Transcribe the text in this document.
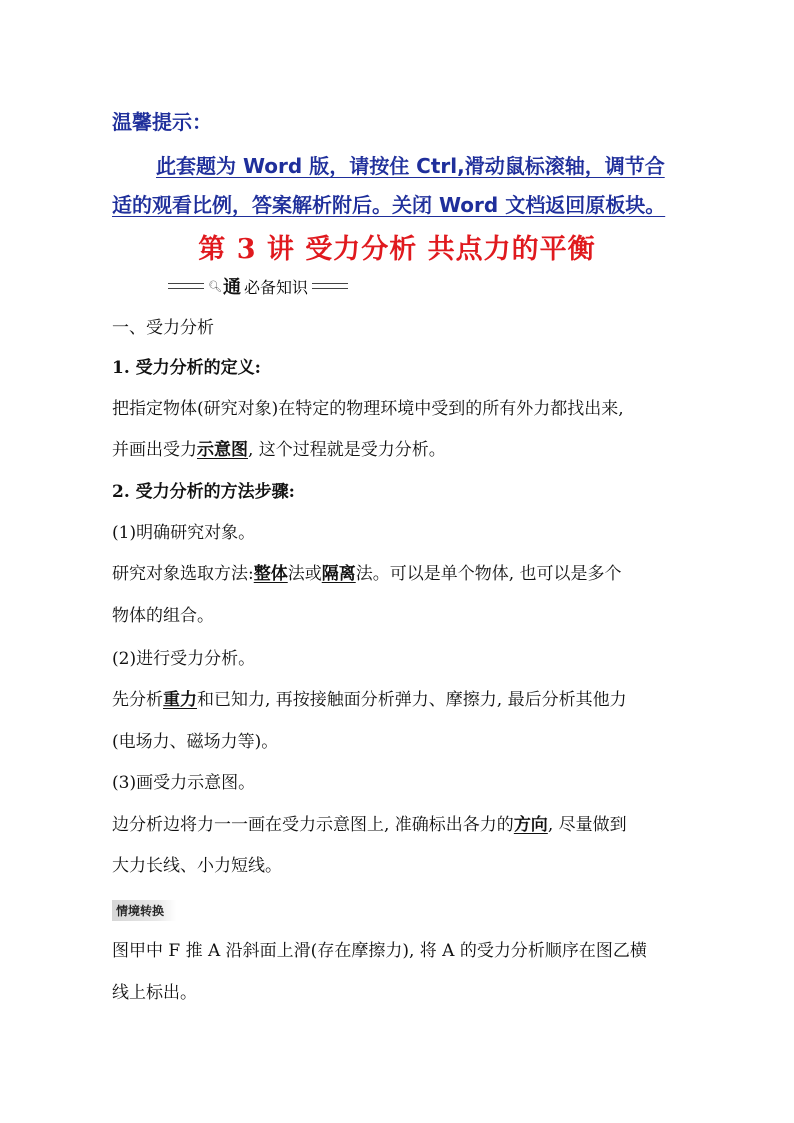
温馨提示：
此套题为 Word 版，请按住 Ctrl,滑动鼠标滚轴，调节合
适的观看比例，答案解析附后。关闭 Word 文档返回原板块。
第 3 讲 受力分析 共点力的平衡
🔍︎ 通 必备知识
一、受力分析
1. 受力分析的定义:
把指定物体(研究对象)在特定的物理环境中受到的所有外力都找出来,
并画出受力示意图, 这个过程就是受力分析。
2. 受力分析的方法步骤:
(1)明确研究对象。
研究对象选取方法:整体法或隔离法。可以是单个物体, 也可以是多个
物体的组合。
(2)进行受力分析。
先分析重力和已知力, 再按接触面分析弹力、摩擦力, 最后分析其他力
(电场力、磁场力等)。
(3)画受力示意图。
边分析边将力一一画在受力示意图上, 准确标出各力的方向, 尽量做到
大力长线、小力短线。
情境转换
图甲中 F 推 A 沿斜面上滑(存在摩擦力), 将 A 的受力分析顺序在图乙横
线上标出。
